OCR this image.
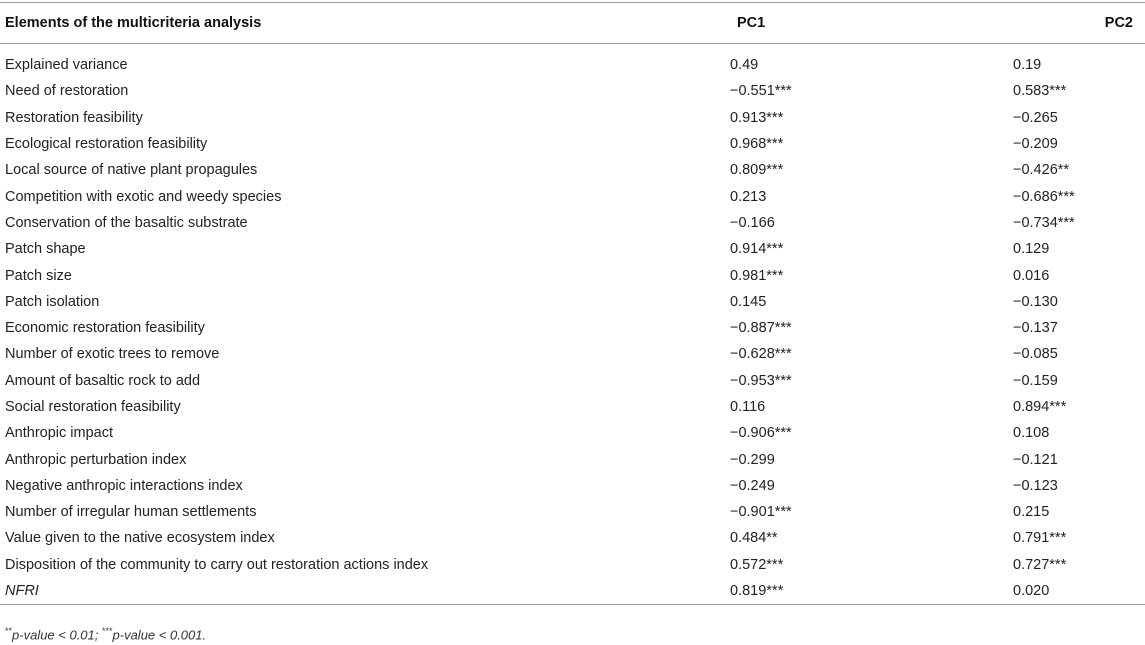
Elements of the multicriteria analysis	PC1	PC2

Explained variance	0.49	0.19
Need of restoration	−0.551***	0.583***
Restoration feasibility	0.913***	−0.265
Ecological restoration feasibility	0.968***	−0.209
Local source of native plant propagules	0.809***	−0.426**
Competition with exotic and weedy species	0.213	−0.686***
Conservation of the basaltic substrate	−0.166	−0.734***
Patch shape	0.914***	0.129
Patch size	0.981***	0.016
Patch isolation	0.145	−0.130
Economic restoration feasibility	−0.887***	−0.137
Number of exotic trees to remove	−0.628***	−0.085
Amount of basaltic rock to add	−0.953***	−0.159
Social restoration feasibility	0.116	0.894***
Anthropic impact	−0.906***	0.108
Anthropic perturbation index	−0.299	−0.121
Negative anthropic interactions index	−0.249	−0.123
Number of irregular human settlements	−0.901***	0.215
Value given to the native ecosystem index	0.484**	0.791***
Disposition of the community to carry out restoration actions index	0.572***	0.727***
NFRI	0.819***	0.020
**p-value < 0.01; ***p-value < 0.001.
